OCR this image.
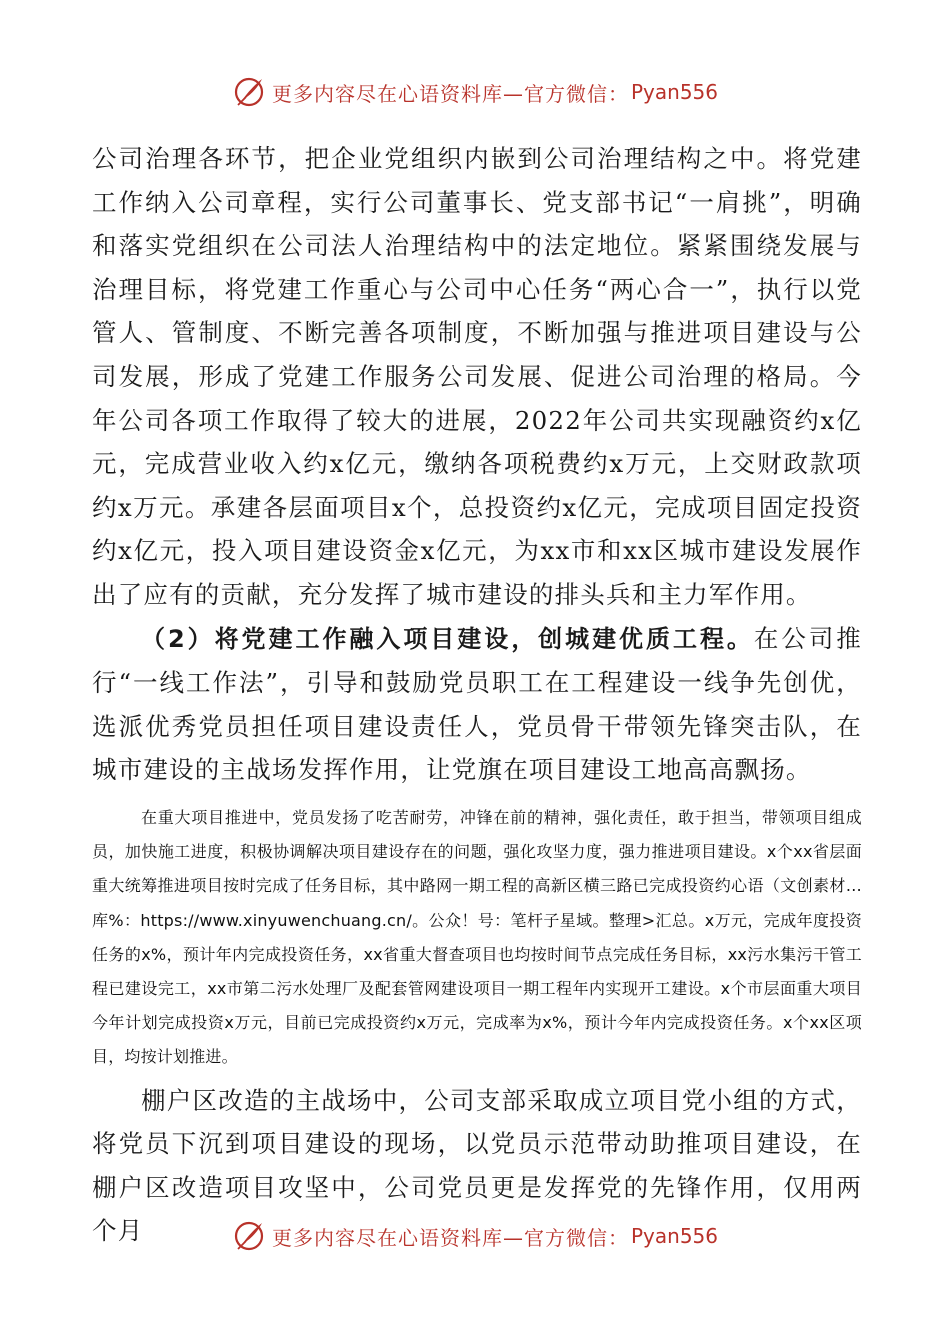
更多内容尽在心语资料库—官方微信： Pyan556

公司治理各环节，把企业党组织内嵌到公司治理结构之中。将党建工作纳入公司章程，实行公司董事长、党支部书记“一肩挑”，明确和落实党组织在公司法人治理结构中的法定地位。紧紧围绕发展与治理目标，将党建工作重心与公司中心任务“两心合一”，执行以党管人、管制度、不断完善各项制度，不断加强与推进项目建设与公司发展，形成了党建工作服务公司发展、促进公司治理的格局。今年公司各项工作取得了较大的进展，2022年公司共实现融资约x亿元，完成营业收入约x亿元，缴纳各项税费约x万元，上交财政款项约x万元。承建各层面项目x个，总投资约x亿元，完成项目固定投资约x亿元，投入项目建设资金x亿元，为xx市和xx区城市建设发展作出了应有的贡献，充分发挥了城市建设的排头兵和主力军作用。

（2）将党建工作融入项目建设，创城建优质工程。在公司推行“一线工作法”，引导和鼓励党员职工在工程建设一线争先创优，选派优秀党员担任项目建设责任人，党员骨干带领先锋突击队，在城市建设的主战场发挥作用，让党旗在项目建设工地高高飘扬。

在重大项目推进中，党员发扬了吃苦耐劳，冲锋在前的精神，强化责任，敢于担当，带领项目组成员，加快施工进度，积极协调解决项目建设存在的问题，强化攻坚力度，强力推进项目建设。x个xx省层面重大统筹推进项目按时完成了任务目标，其中路网一期工程的高新区横三路已完成投资约心语（文创素材…库%：https://www.xinyuwenchuang.cn/。公众！号：笔杆子星域。整理>汇总。x万元，完成年度投资任务的x%，预计年内完成投资任务，xx省重大督查项目也均按时间节点完成任务目标，xx污水集污干管工程已建设完工，xx市第二污水处理厂及配套管网建设项目一期工程年内实现开工建设。x个市层面重大项目今年计划完成投资x万元，目前已完成投资约x万元，完成率为x%，预计今年内完成投资任务。x个xx区项目，均按计划推进。

棚户区改造的主战场中，公司支部采取成立项目党小组的方式，将党员下沉到项目建设的现场，以党员示范带动助推项目建设，在棚户区改造项目攻坚中，公司党员更是发挥党的先锋作用，仅用两个月	更多内容尽在心语资料库—官方微信： Pyan556
